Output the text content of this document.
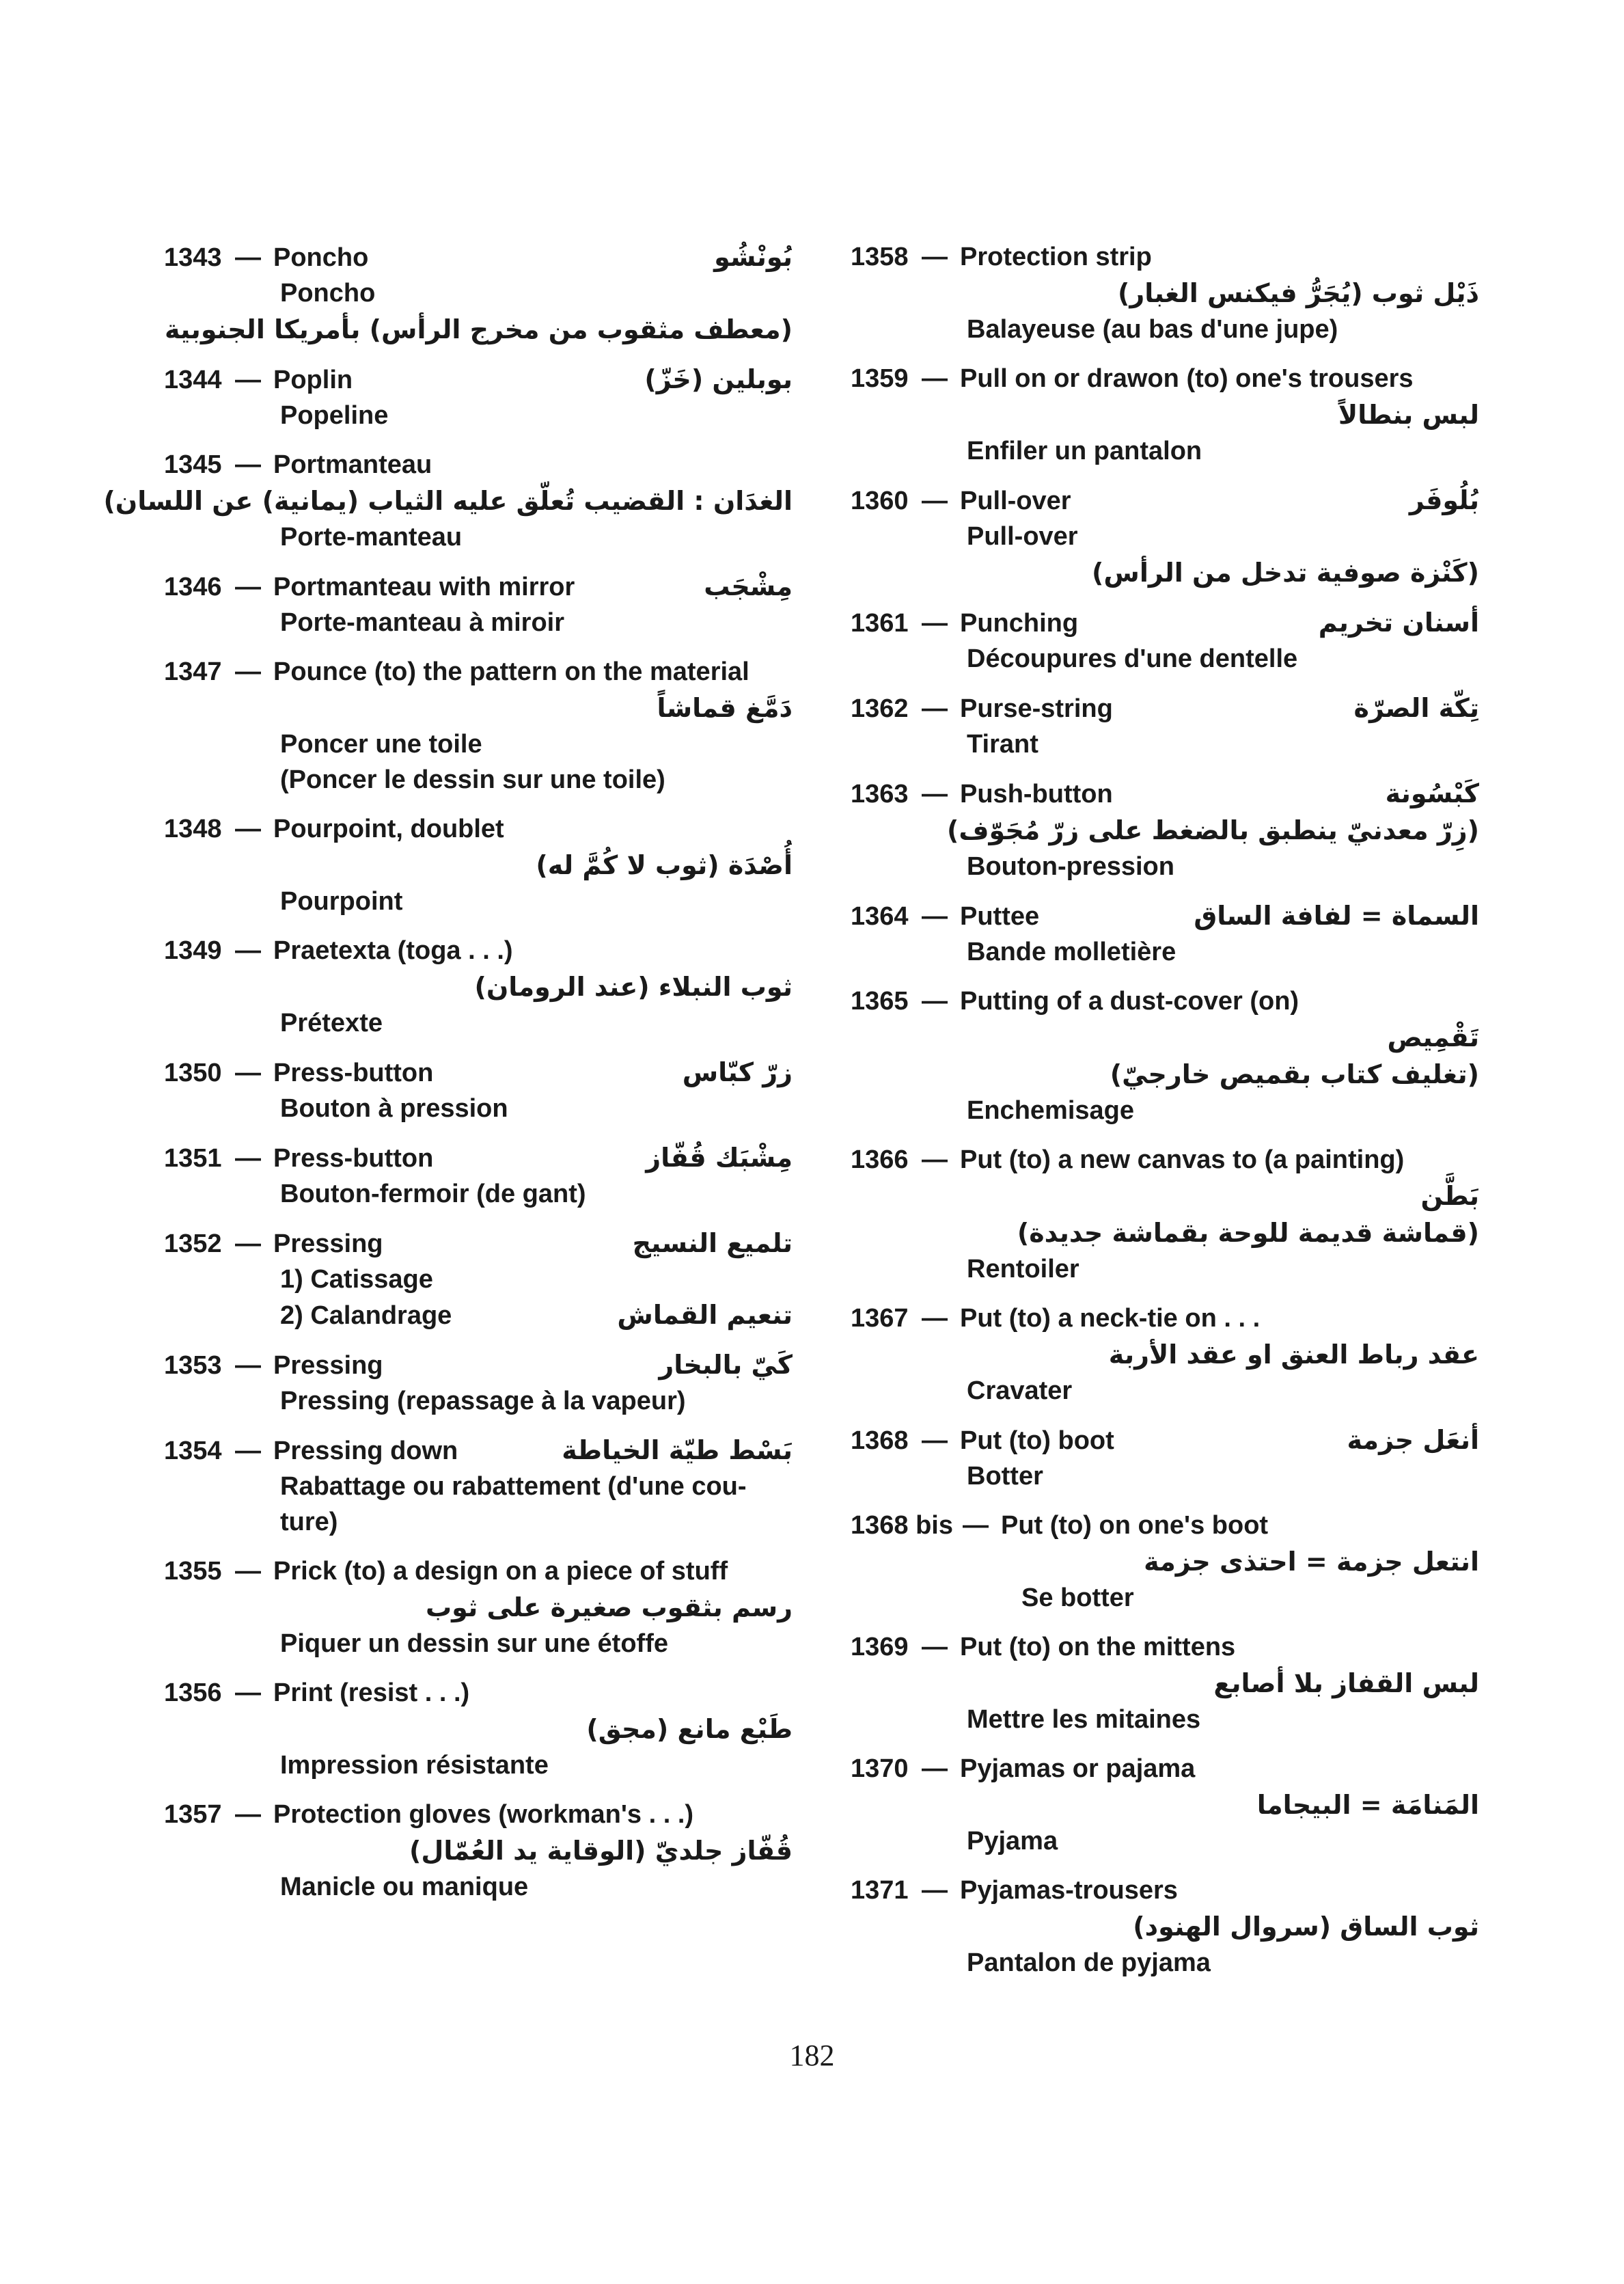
1343 — Poncho	بُونْشُو
Poncho
(معطف مثقوب من مخرج الرأس) بأمريكا الجنوبية
1344 — Poplin	بوبلين (خَزّ)
Popeline
1345 — Portmanteau
الغدَان : القضيب تُعلّق عليه الثياب (يمانية) عن اللسان)
Porte-manteau
1346 — Portmanteau with mirror	مِشْجَب
Porte-manteau à miroir
1347 — Pounce (to) the pattern on the material
دَمَّغ قماشاً
Poncer une toile
(Poncer le dessin sur une toile)
1348 — Pourpoint, doublet
أُصْدَة (ثوب لا كُمَّ له)
Pourpoint
1349 — Praetexta (toga . . .)
ثوب النبلاء (عند الرومان)
Prétexte
1350 — Press-button	زرّ كبّاس
Bouton à pression
1351 — Press-button	مِشْبَك قُفّاز
Bouton-fermoir (de gant)
1352 — Pressing	تلميع النسيج
1) Catissage
2) Calandrage	تنعيم القماش
1353 — Pressing	كَيّ بالبخار
Pressing (repassage à la vapeur)
1354 — Pressing down	بَسْط طيّة الخياطة
Rabattage ou rabattement (d'une cou-
ture)
1355 — Prick (to) a design on a piece of stuff
رسم بثقوب صغيرة على ثوب
Piquer un dessin sur une étoffe
1356 — Print (resist . . .)
طَبْع مانع (مجق)
Impression résistante
1357 — Protection gloves (workman's . . .)
قُفّاز جلديّ (الوقاية يد العُمّال)
Manicle ou manique
1358 — Protection strip
ذَيْل ثوب (يُجَرُّ فيكنس الغبار)
Balayeuse (au bas d'une jupe)
1359 — Pull on or drawon (to) one's trousers
لبس بنطالاً
Enfiler un pantalon
1360 — Pull-over	بُلُوفَر
Pull-over
(كَنْزة صوفية تدخل من الرأس)
1361 — Punching	أسنان تخريم
Découpures d'une dentelle
1362 — Purse-string	تِكّة الصرّة
Tirant
1363 — Push-button	كَبْسُونة
(زِرّ معدنيّ ينطبق بالضغط على زرّ مُجَوّف)
Bouton-pression
1364 — Puttee	السماة = لفافة الساق
Bande molletière
1365 — Putting of a dust-cover (on)
تَقْمِيص
(تغليف كتاب بقميص خارجيّ)
Enchemisage
1366 — Put (to) a new canvas to (a painting)
بَطَّن
(قماشة قديمة للوحة بقماشة جديدة)
Rentoiler
1367 — Put (to) a neck-tie on . . .
عقد رباط العنق او عقد الأربة
Cravater
1368 — Put (to) boot	أنعَل جزمة
Botter
1368 bis — Put (to) on one's boot
انتعل جزمة = احتذى جزمة
Se botter
1369 — Put (to) on the mittens
لبس القفاز بلا أصابع
Mettre les mitaines
1370 — Pyjamas or pajama
المَنامَة = البيجاما
Pyjama
1371 — Pyjamas-trousers
ثوب الساق (سروال الهنود)
Pantalon de pyjama
182
